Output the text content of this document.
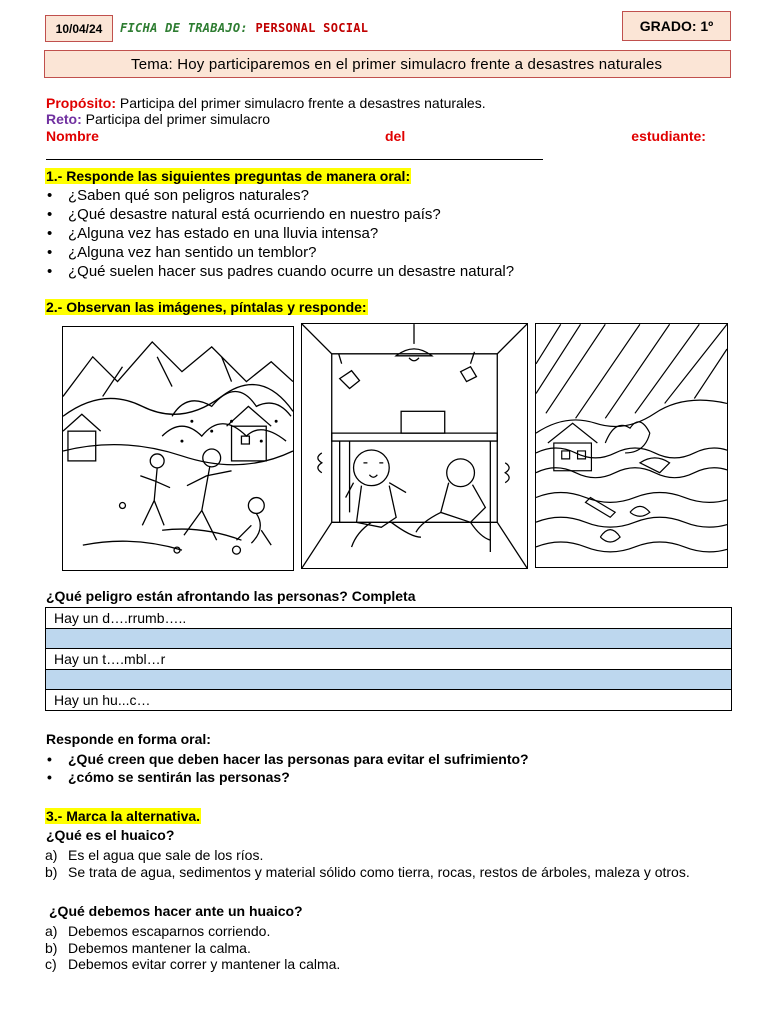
10/04/24 FICHA DE TRABAJO: PERSONAL SOCIAL	GRADO: 1º
Tema: Hoy participaremos en el primer simulacro frente a desastres naturales
Propósito: Participa del primer simulacro frente a desastres naturales.
Reto: Participa del primer simulacro
Nombre	del	estudiante:
1.- Responde las siguientes preguntas de manera oral:
• ¿Saben qué son peligros naturales?
• ¿Qué desastre natural está ocurriendo en nuestro país?
• ¿Alguna vez has estado en una lluvia intensa?
• ¿Alguna vez han sentido un temblor?
• ¿Qué suelen hacer sus padres cuando ocurre un desastre natural?
2.- Observan las imágenes, píntalas y responde:
¿Qué peligro están afrontando las personas? Completa
Hay un d….rrumb…..

Hay un t….mbl…r

Hay un hu...c…
Responde en forma oral:
• ¿Qué creen que deben hacer las personas para evitar el sufrimiento?
• ¿cómo se sentirán las personas?
3.- Marca la alternativa.
¿Qué es el huaico?
a) Es el agua que sale de los ríos.
b) Se trata de agua, sedimentos y material sólido como tierra, rocas, restos de árboles, maleza y otros.
¿Qué debemos hacer ante un huaico?
a) Debemos escaparnos corriendo.
b) Debemos mantener la calma.
c) Debemos evitar correr y mantener la calma.
